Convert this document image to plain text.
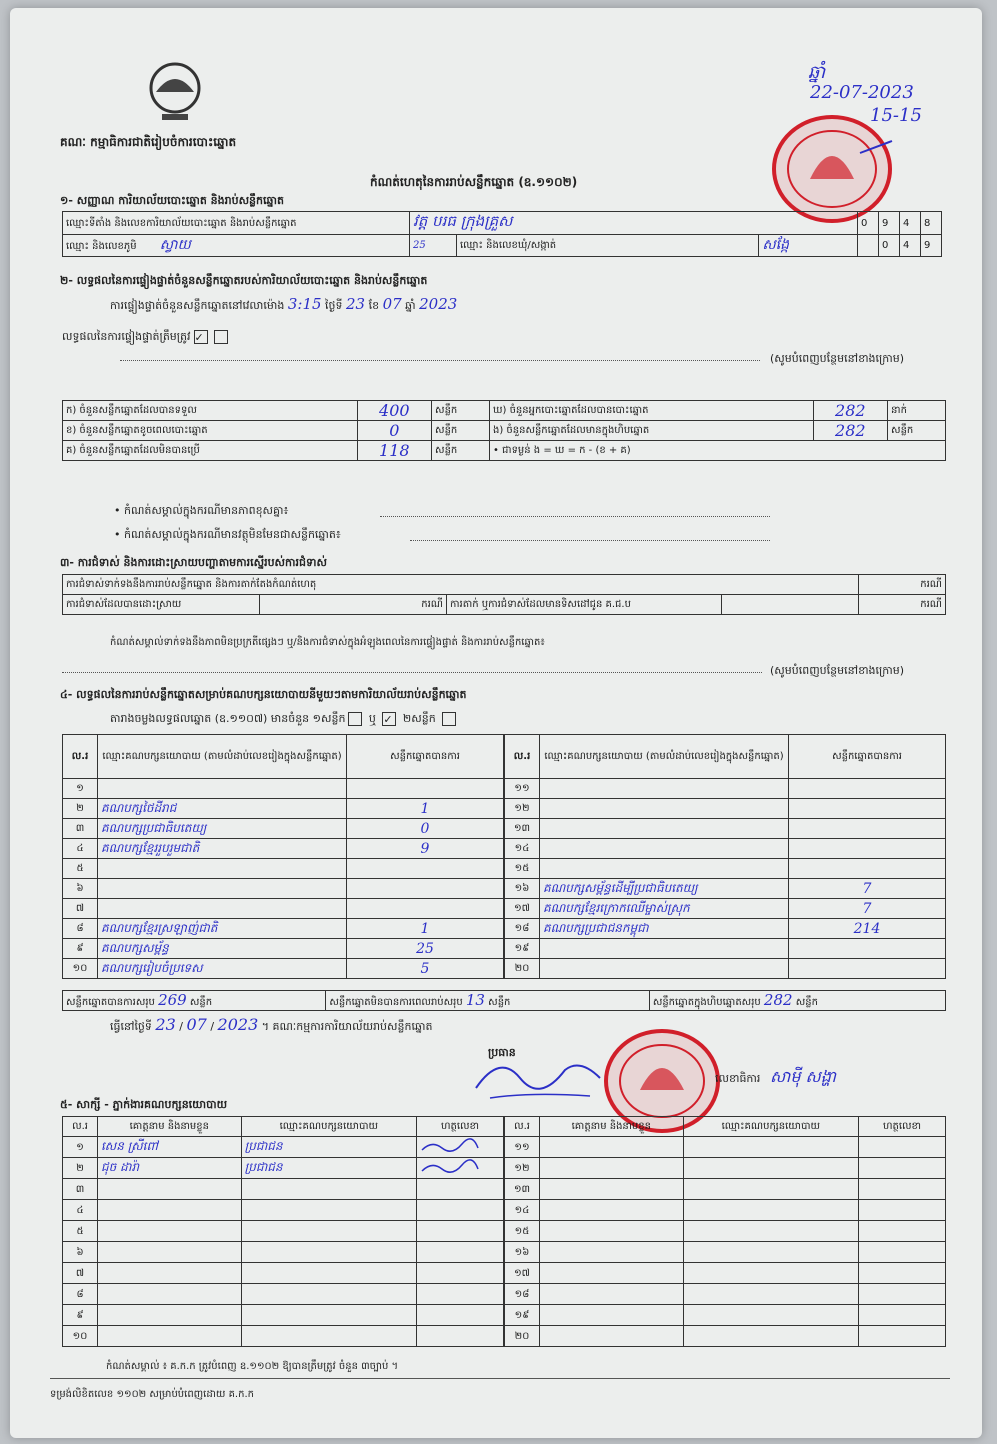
គណៈ កម្មាធិការជាតិរៀបចំការបោះឆ្នោត
ឆ្នាំ
22-07-2023
15-15
កំណត់ហេតុនៃការរាប់សន្លឹកឆ្នោត (ឧ.១១០២)
១- សញ្ញាណ ការិយាល័យបោះឆ្នោត និងរាប់សន្លឹកឆ្នោត
ឈ្មោះទីតាំង និងលេខការិយាល័យបោះឆ្នោត និងរាប់សន្លឹកឆ្នោត	វត្ត បរធ ក្រុងគ្រួស			0	9	4	8
ឈ្មោះ និងលេខភូមិ ស្វាយ	25	ឈ្មោះ និងលេខឃុំ/សង្កាត់	សង្កែ		0	4	9
២- លទ្ធផលនៃការផ្ទៀងផ្ទាត់ចំនួនសន្លឹកឆ្នោតរបស់ការិយាល័យបោះឆ្នោត និងរាប់សន្លឹកឆ្នោត
ការផ្ទៀងផ្ទាត់ចំនួនសន្លឹកឆ្នោតនៅវេលាម៉ោង 3:15 ថ្ងៃទី 23 ខែ 07 ឆ្នាំ 2023
លទ្ធផលនៃការផ្ទៀងផ្ទាត់ត្រឹមត្រូវ ✓
(សូមបំពេញបន្ថែមនៅខាងក្រោម)
ក) ចំនួនសន្លឹកឆ្នោតដែលបានទទួល	400	សន្លឹក	ឃ) ចំនួនអ្នកបោះឆ្នោតដែលបានបោះឆ្នោត	282	នាក់
ខ) ចំនួនសន្លឹកឆ្នោតខូចពេលបោះឆ្នោត	0	សន្លឹក	ង) ចំនួនសន្លឹកឆ្នោតដែលមានក្នុងហិបឆ្នោត	282	សន្លឹក
គ) ចំនួនសន្លឹកឆ្នោតដែលមិនបានប្រើ	118	សន្លឹក	• ជាទម្ងន់ ង = ឃ = ក - (ខ + គ)		
• កំណត់សម្គាល់ក្នុងករណីមានភាពខុសគ្នា៖
• កំណត់សម្គាល់ក្នុងករណីមានវត្ថុមិនមែនជាសន្លឹកឆ្នោត៖
៣- ការជំទាស់ និងការដោះស្រាយបញ្ហាតាមការស្នើរបស់ការជំទាស់
ការជំទាស់ទាក់ទងនឹងការរាប់សន្លឹកឆ្នោត និងការតាក់តែងកំណត់ហេតុ				ករណី
ការជំទាស់ដែលបានដោះស្រាយ	ករណី	ការតាក់ ឬការជំទាស់ដែលមានទិសដៅជូន គ.ជ.ប		ករណី
កំណត់សម្គាល់ទាក់ទងនឹងភាពមិនប្រក្រតីផ្សេងៗ ឬ/និងការជំទាស់ក្នុងអំឡុងពេលនៃការផ្ទៀងផ្ទាត់ និងការរាប់សន្លឹកឆ្នោត៖
(សូមបំពេញបន្ថែមនៅខាងក្រោម)
៤- លទ្ធផលនៃការរាប់សន្លឹកឆ្នោតសម្រាប់គណបក្សនយោបាយនីមួយៗតាមការិយាល័យរាប់សន្លឹកឆ្នោត
តារាងចម្លងលទ្ធផលឆ្នោត (ឧ.១១០៧) មានចំនួន ១សន្លឹក ឬ ✓ ២សន្លឹក
ល.រ	ឈ្មោះគណបក្សនយោបាយ (តាមលំដាប់លេខរៀងក្នុងសន្លឹកឆ្នោត)	សន្លឹកឆ្នោតបានការ
១		
២	គណបក្សថៃដីរាជ	1
៣	គណបក្សប្រជាធិបតេយ្យ	0
៤	គណបក្សខ្មែររួបរួមជាតិ	9
៥		
៦		
៧		
៨	គណបក្សខ្មែរស្រឡាញ់ជាតិ	1
៩	គណបក្សសម្ព័ន្ធ	25
១០	គណបក្សរៀបចំប្រទេស	5
ល.រ	ឈ្មោះគណបក្សនយោបាយ (តាមលំដាប់លេខរៀងក្នុងសន្លឹកឆ្នោត)	សន្លឹកឆ្នោតបានការ
១១		
១២		
១៣		
១៤		
១៥		
១៦	គណបក្សសម្ព័ន្ធដើម្បីប្រជាធិបតេយ្យ	7
១៧	គណបក្សខ្មែរក្រោកឈើម្ចាស់ស្រុក	7
១៨	គណបក្សប្រជាជនកម្ពុជា	214
១៩		
២០		
សន្លឹកឆ្នោតបានការសរុប 269 សន្លឹក	សន្លឹកឆ្នោតមិនបានការពេលរាប់សរុប 13 សន្លឹក	សន្លឹកឆ្នោតក្នុងហិបឆ្នោតសរុប 282 សន្លឹក
ធ្វើនៅថ្ងៃទី 23 / 07 / 2023 ។ គណៈកម្មការការិយាល័យរាប់សន្លឹកឆ្នោត
ប្រធាន
លេខាធិការ សាម៉ី សង្ហា
៥- សាក្សី - ភ្នាក់ងារគណបក្សនយោបាយ
ល.រ	គោត្តនាម និងនាមខ្លួន	ឈ្មោះគណបក្សនយោបាយ	ហត្ថលេខា
១	សេន ស្រីពៅ	ប្រជាជន	
២	ជុច ដារ៉ា	ប្រជាជន	
៣			
៤			
៥			
៦			
៧			
៨			
៩			
១០			
ល.រ	គោត្តនាម និងនាមខ្លួន	ឈ្មោះគណបក្សនយោបាយ	ហត្ថលេខា
១១			
១២			
១៣			
១៤			
១៥			
១៦			
១៧			
១៨			
១៩			
២០			
កំណត់សម្គាល់ ៖ គ.ក.ក ត្រូវបំពេញ ឧ.១១០២ ឱ្យបានត្រឹមត្រូវ ចំនួន ៣ច្បាប់ ។
ទម្រង់លិខិតលេខ ១១០២ សម្រាប់បំពេញដោយ គ.ក.ក
